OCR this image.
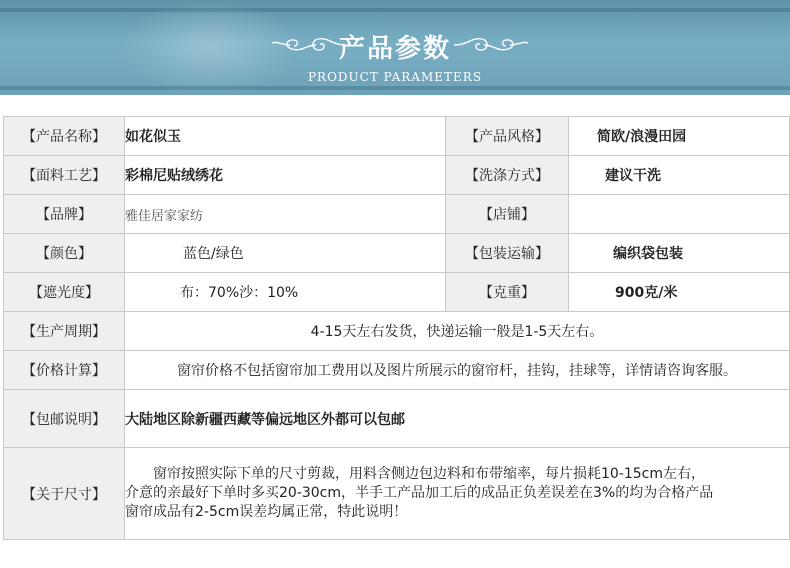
产品参数
PRODUCT PARAMETERS
【产品名称】	如花似玉	【产品风格】	简欧/浪漫田园
【面料工艺】	彩棉尼贴绒绣花	【洗涤方式】	建议干洗
【品牌】	雅佳居家家纺	【店铺】	
【颜色】	蓝色/绿色	【包装运输】	编织袋包装
【遮光度】	布：70%沙：10%	【克重】	900克/米
【生产周期】	4-15天左右发货，快递运输一般是1-5天左右。		
【价格计算】	窗帘价格不包括窗帘加工费用以及图片所展示的窗帘杆，挂钩，挂球等，详情请咨询客服。		
【包邮说明】	大陆地区除新疆西藏等偏远地区外都可以包邮		
【关于尺寸】	窗帘按照实际下单的尺寸剪裁，用料含侧边包边料和布带缩率，每片损耗10-15cm左右，
介意的亲最好下单时多买20-30cm，半手工产品加工后的成品正负差误差在3%的均为合格产品
窗帘成品有2-5cm误差均属正常，特此说明！		
